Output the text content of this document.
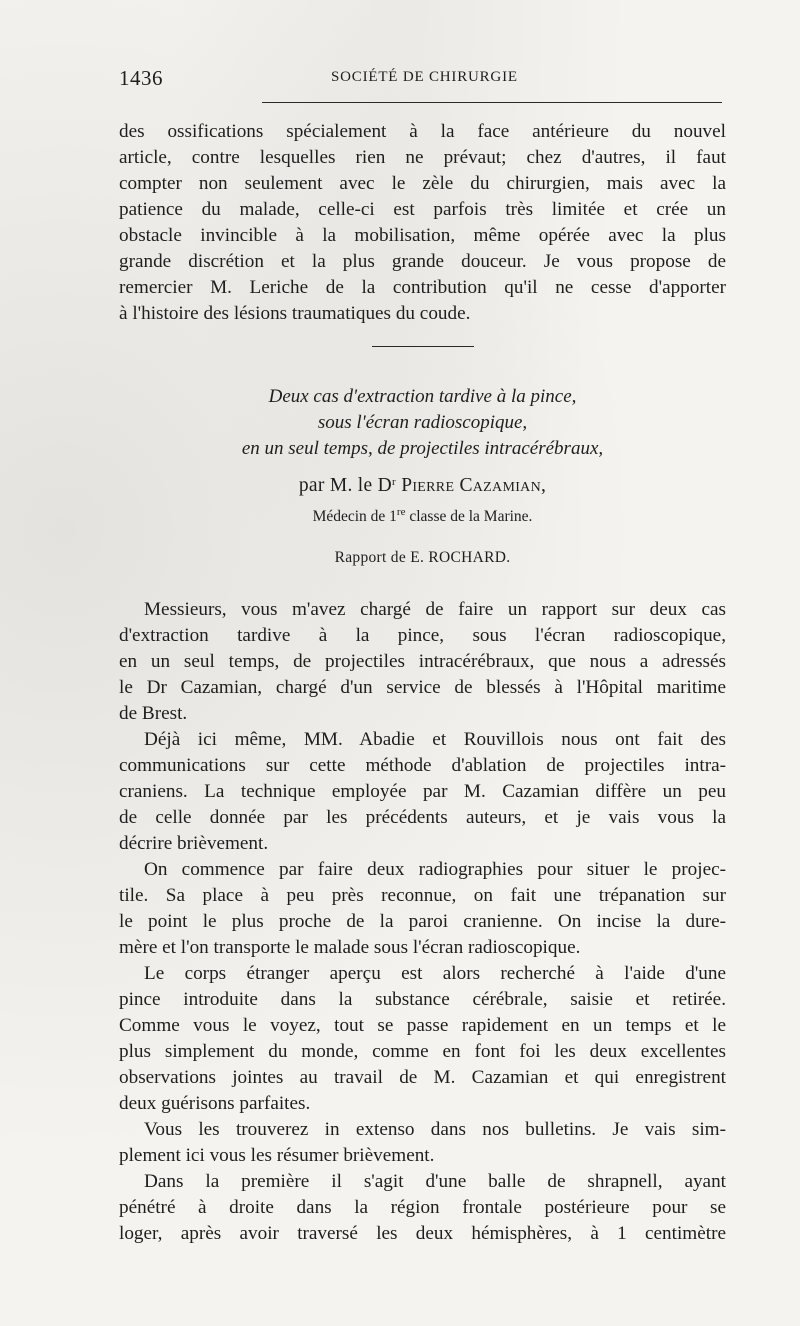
1436	SOCIÉTÉ DE CHIRURGIE
des ossifications spécialement à la face antérieure du nouvel
article, contre lesquelles rien ne prévaut; chez d'autres, il faut
compter non seulement avec le zèle du chirurgien, mais avec la
patience du malade, celle-ci est parfois très limitée et crée un
obstacle invincible à la mobilisation, même opérée avec la plus
grande discrétion et la plus grande douceur. Je vous propose de
remercier M. Leriche de la contribution qu'il ne cesse d'apporter
à l'histoire des lésions traumatiques du coude.
Deux cas d'extraction tardive à la pince,
sous l'écran radioscopique,
en un seul temps, de projectiles intracérébraux,
par M. le $D^r$ Pierre Cazamian,
Médecin de 1re classe de la Marine.
Rapport de E. ROCHARD.

Messieurs, vous m'avez chargé de faire un rapport sur deux cas
d'extraction tardive à la pince, sous l'écran radioscopique,
en un seul temps, de projectiles intracérébraux, que nous a adressés
le Dr Cazamian, chargé d'un service de blessés à l'Hôpital maritime
de Brest.

Déjà ici même, MM. Abadie et Rouvillois nous ont fait des
communications sur cette méthode d'ablation de projectiles intra-
craniens. La technique employée par M. Cazamian diffère un peu
de celle donnée par les précédents auteurs, et je vais vous la
décrire brièvement.

On commence par faire deux radiographies pour situer le projec-
tile. Sa place à peu près reconnue, on fait une trépanation sur
le point le plus proche de la paroi cranienne. On incise la dure-
mère et l'on transporte le malade sous l'écran radioscopique.

Le corps étranger aperçu est alors recherché à l'aide d'une
pince introduite dans la substance cérébrale, saisie et retirée.
Comme vous le voyez, tout se passe rapidement en un temps et le
plus simplement du monde, comme en font foi les deux excellentes
observations jointes au travail de M. Cazamian et qui enregistrent
deux guérisons parfaites.

Vous les trouverez in extenso dans nos bulletins. Je vais sim-
plement ici vous les résumer brièvement.

Dans la première il s'agit d'une balle de shrapnell, ayant
pénétré à droite dans la région frontale postérieure pour se
loger, après avoir traversé les deux hémisphères, à 1 centimètre
